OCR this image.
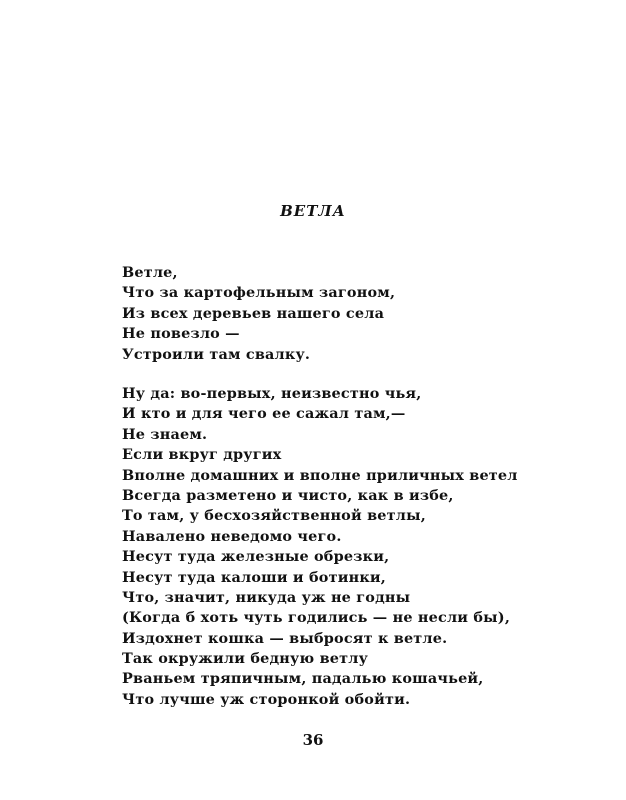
ВЕТЛА
Ветле,
Что за картофельным загоном,
Из всех деревьев нашего села
Не повезло —
Устроили там свалку.
Ну да: во-первых, неизвестно чья,
И кто и для чего ее сажал там,—
Не знаем.
Если вкруг других
Вполне домашних и вполне приличных ветел
Всегда разметено и чисто, как в избе,
То там, у бесхозяйственной ветлы,
Навалено неведомо чего.
Несут туда железные обрезки,
Несут туда калоши и ботинки,
Что, значит, никуда уж не годны
(Когда б хоть чуть годились — не несли бы),
Издохнет кошка — выбросят к ветле.
Так окружили бедную ветлу
Рваньем тряпичным, падалью кошачьей,
Что лучше уж сторонкой обойти.
36
